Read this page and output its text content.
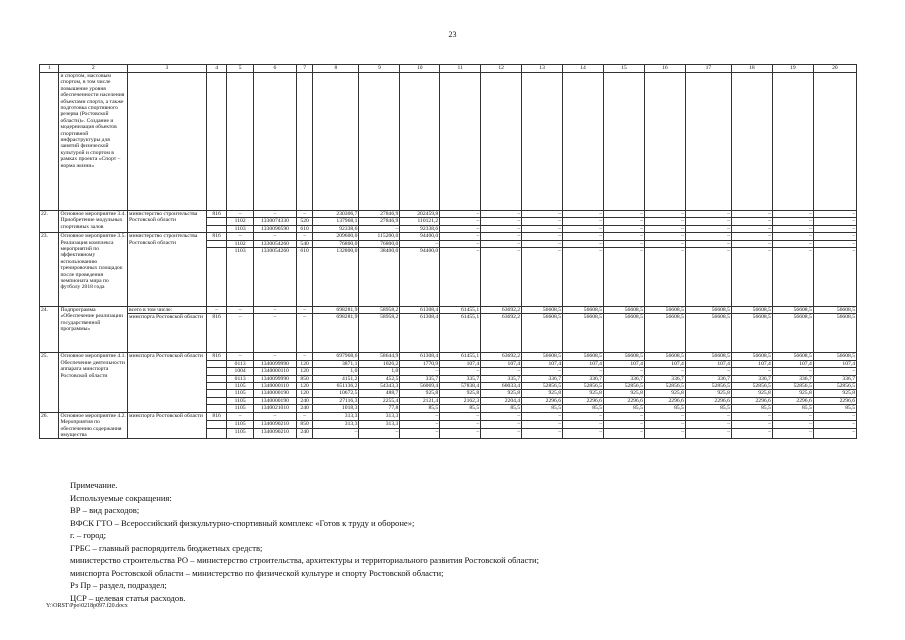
23
1	2	3	4	5	6	7	8	9	10	11	12	13	14	15	16	17	18	19	20
	и спортом, массовым спортом, в том числе повышение уровня обеспеченности населения объектами спорта, а также подготовка спортивного резерва (Ростовской области)». Создание и модернизация объектов спортивной инфраструктуры для занятий физической культурой и спортом в рамках проекта «Спорт – норма жизни»																		
22.	Основное мероприятие 3.4. Приобретение модульных спортивных залов	министерство строительства Ростовской области	816	–	–	–	230306,7	27846,9	202459,8	–	–	–	–	–	–	–	–	–	–
				1102	1330074330	520	137968,1	27846,9	110121,2	–	–	–	–	–	–	–	–	–	–
				1103	1330090590	610	92338,6	–	92338,6	–	–	–	–	–	–	–	–	–	–
23.	Основное мероприятие 3.5. Реализация комплекса мероприятий по эффективному использованию тренировочных площадок после проведения чемпионата мира по футболу 2018 года	министерство строительства Ростовской области	816	–	–	–	209600,0	115200,0	94400,0	–	–	–	–	–	–	–	–	–	–
				1102	1330054260	540	76800,0	76800,0	–	–	–	–	–	–	–	–	–	–	–
				1103	1330054260	610	132800,0	38400,0	94400,0	–	–	–	–	–	–	–	–	–	–
24.	Подпрограмма «Обеспечение реализации государственной программы»	всего в том числе:	–	–	–	–	698281,9	58958,2	61308,4	61455,1	63692,2	56608,5	56608,5	56608,5	56608,5	56608,5	56608,5	56608,5	56608,5
		минспорта Ростовской области	816	–	–	–	698281,9	58958,2	61308,4	61455,1	63692,2	56608,5	56608,5	56608,5	56608,5	56608,5	56608,5	56608,5	56608,5
25.	Основное мероприятие 4.1. Обеспечение деятельности аппарата минспорта Ростовской области	минспорта Ростовской области	816	–	–	–	697968,6	58644,9	61308,4	61455,1	63692,2	56608,5	56608,5	56608,5	56608,5	56608,5	56608,5	56608,5	56608,5
				0113	1340099990	120	3871,1	1026,2	1770,9	107,4	107,4	107,4	107,4	107,4	107,4	107,4	107,4	107,4	107,4
				1004	1340000110	120	1,0	1,0	–	–	–	–	–	–	–	–	–	–	–
				0113	1340099990	850	4151,2	452,5	335,7	335,7	335,7	336,7	336,7	336,7	336,7	336,7	336,7	336,7	336,7
				1105	1340000110	120	651136,2	54343,3	56069,4	57838,4	60033,4	52856,5	52856,5	52856,5	52856,5	52856,5	52856,5	52856,5	52856,5
				1105	1340000190	120	10672,5	488,7	925,8	925,8	925,8	925,8	925,8	925,8	925,8	925,8	925,8	925,8	925,8
				1105	1340000190	240	27116,3	2255,4	2121,4	2162,3	2204,4	2296,6	2296,6	2296,6	2296,6	2296,6	2296,6	2296,6	2296,6
				1105	1340021010	240	1018,3	77,8	85,5	85,5	85,5	85,5	85,5	85,5	85,5	85,5	85,5	85,5	85,5
26.	Основное мероприятие 4.2. Мероприятия по обеспечению содержания имущества	минспорта Ростовской области	816	–	–	–	313,3	313,3	–	–	–	–	–	–	–	–	–	–	–
				1105	1340090210	850	313,3	313,3	–	–	–	–	–	–	–	–	–	–	–
				1105	1340090210	240	–	–	–	–	–	–	–	–	–	–	–	–	–
Примечание.
Используемые сокращения:
ВР – вид расходов;
ВФСК ГТО – Всероссийский физкультурно-спортивный комплекс «Готов к труду и обороне»;
г. – город;
ГРБС – главный распорядитель бюджетных средств;
министерство строительства РО – министерство строительства, архитектуры и территориального развития Ростовской области;
минспорта Ростовской области – министерство по физической культуре и спорту Ростовской области;
Рз Пр – раздел, подраздел;
ЦСР – целевая статья расходов.
Y:\ORST\Ppo\0218p097.f20.docx
